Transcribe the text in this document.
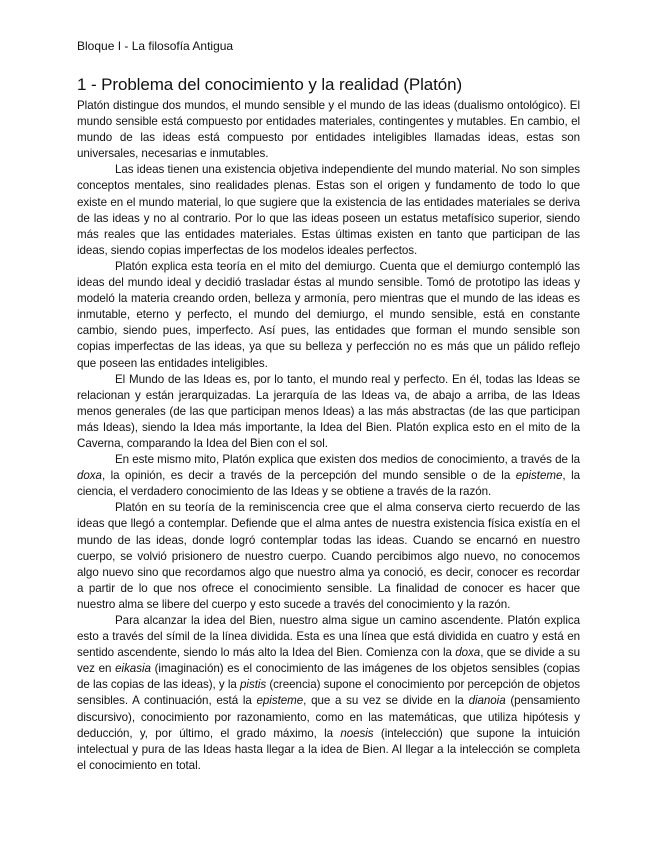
Bloque I - La filosofía Antigua
1 - Problema del conocimiento y la realidad (Platón)

Platón distingue dos mundos, el mundo sensible y el mundo de las ideas (dualismo ontológico). El mundo sensible está compuesto por entidades materiales, contingentes y mutables. En cambio, el mundo de las ideas está compuesto por entidades inteligibles llamadas ideas, estas son universales, necesarias e inmutables.

Las ideas tienen una existencia objetiva independiente del mundo material. No son simples conceptos mentales, sino realidades plenas. Estas son el origen y fundamento de todo lo que existe en el mundo material, lo que sugiere que la existencia de las entidades materiales se deriva de las ideas y no al contrario. Por lo que las ideas poseen un estatus metafísico superior, siendo más reales que las entidades materiales. Estas últimas existen en tanto que participan de las ideas, siendo copias imperfectas de los modelos ideales perfectos.

Platón explica esta teoría en el mito del demiurgo. Cuenta que el demiurgo contempló las ideas del mundo ideal y decidió trasladar éstas al mundo sensible. Tomó de prototipo las ideas y modeló la materia creando orden, belleza y armonía, pero mientras que el mundo de las ideas es inmutable, eterno y perfecto, el mundo del demiurgo, el mundo sensible, está en constante cambio, siendo pues, imperfecto. Así pues, las entidades que forman el mundo sensible son copias imperfectas de las ideas, ya que su belleza y perfección no es más que un pálido reflejo que poseen las entidades inteligibles.

El Mundo de las Ideas es, por lo tanto, el mundo real y perfecto. En él, todas las Ideas se relacionan y están jerarquizadas. La jerarquía de las Ideas va, de abajo a arriba, de las Ideas menos generales (de las que participan menos Ideas) a las más abstractas (de las que participan más Ideas), siendo la Idea más importante, la Idea del Bien. Platón explica esto en el mito de la Caverna, comparando la Idea del Bien con el sol.

En este mismo mito, Platón explica que existen dos medios de conocimiento, a través de la doxa, la opinión, es decir a través de la percepción del mundo sensible o de la episteme, la ciencia, el verdadero conocimiento de las Ideas y se obtiene a través de la razón.

Platón en su teoría de la reminiscencia cree que el alma conserva cierto recuerdo de las ideas que llegó a contemplar. Defiende que el alma antes de nuestra existencia física existía en el mundo de las ideas, donde logró contemplar todas las ideas. Cuando se encarnó en nuestro cuerpo, se volvió prisionero de nuestro cuerpo. Cuando percibimos algo nuevo, no conocemos algo nuevo sino que recordamos algo que nuestro alma ya conoció, es decir, conocer es recordar a partir de lo que nos ofrece el conocimiento sensible. La finalidad de conocer es hacer que nuestro alma se libere del cuerpo y esto sucede a través del conocimiento y la razón.

Para alcanzar la idea del Bien, nuestro alma sigue un camino ascendente. Platón explica esto a través del símil de la línea dividida. Esta es una línea que está dividida en cuatro y está en sentido ascendente, siendo lo más alto la Idea del Bien. Comienza con la doxa, que se divide a su vez en eikasia (imaginación) es el conocimiento de las imágenes de los objetos sensibles (copias de las copias de las ideas), y la pistis (creencia) supone el conocimiento por percepción de objetos sensibles. A continuación, está la episteme, que a su vez se divide en la dianoia (pensamiento discursivo), conocimiento por razonamiento, como en las matemáticas, que utiliza hipótesis y deducción, y, por último, el grado máximo, la noesis (intelección) que supone la intuición intelectual y pura de las Ideas hasta llegar a la idea de Bien. Al llegar a la intelección se completa el conocimiento en total.
